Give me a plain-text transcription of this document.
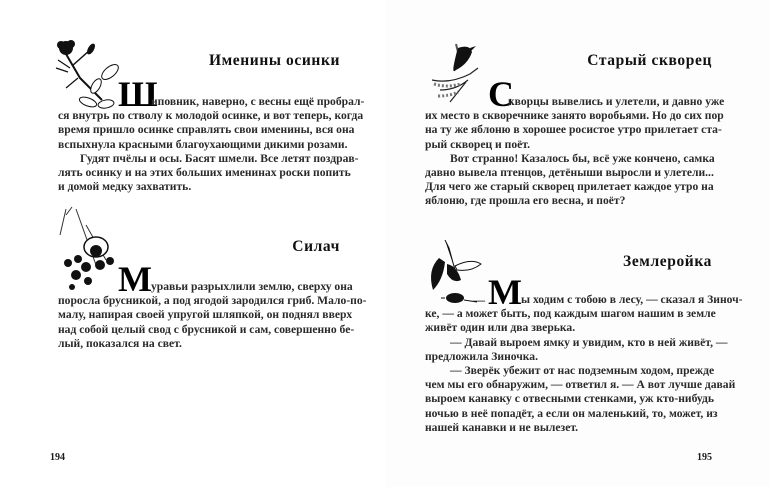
194
Именины осинки
Ш
иповник, наверно, с весны ещё пробрал-
ся внутрь по стволу к молодой осинке, и вот теперь, когда
время пришло осинке справлять свои именины, вся она
вспыхнула красными благоухающими дикими розами.
Гудят пчёлы и осы. Басят шмели. Все летят поздрав-
лять осинку и на этих больших именинах роски попить
и домой медку захватить.
Силач
М уравьи разрыхлили землю, сверху она
поросла брусникой, а под ягодой зародился гриб. Мало-по-
малу, напирая своей упругой шляпкой, он поднял вверх
над собой целый свод с брусникой и сам, совершенно бе-
лый, показался на свет.
195
Старый скворец
С
кворцы вывелись и улетели, и давно уже
их место в скворечнике занято воробьями. Но до сих пор
на ту же яблоню в хорошее росистое утро прилетает ста-
рый скворец и поёт.
Вот странно! Казалось бы, всё уже кончено, самка
давно вывела птенцов, детёныши выросли и улетели...
Для чего же старый скворец прилетает каждое утро на
яблоню, где прошла его весна, и поёт?
Землеройка
— М ы ходим с тобою в лесу, — сказал я Зиноч-
ке, — а может быть, под каждым шагом нашим в земле
живёт один или два зверька.
— Давай выроем ямку и увидим, кто в ней живёт, —
предложила Зиночка.
— Зверёк убежит от нас подземным ходом, прежде
чем мы его обнаружим, — ответил я. — А вот лучше давай
выроем канавку с отвесными стенками, уж кто-нибудь
ночью в неё попадёт, а если он маленький, то, может, из
нашей канавки и не вылезет.
